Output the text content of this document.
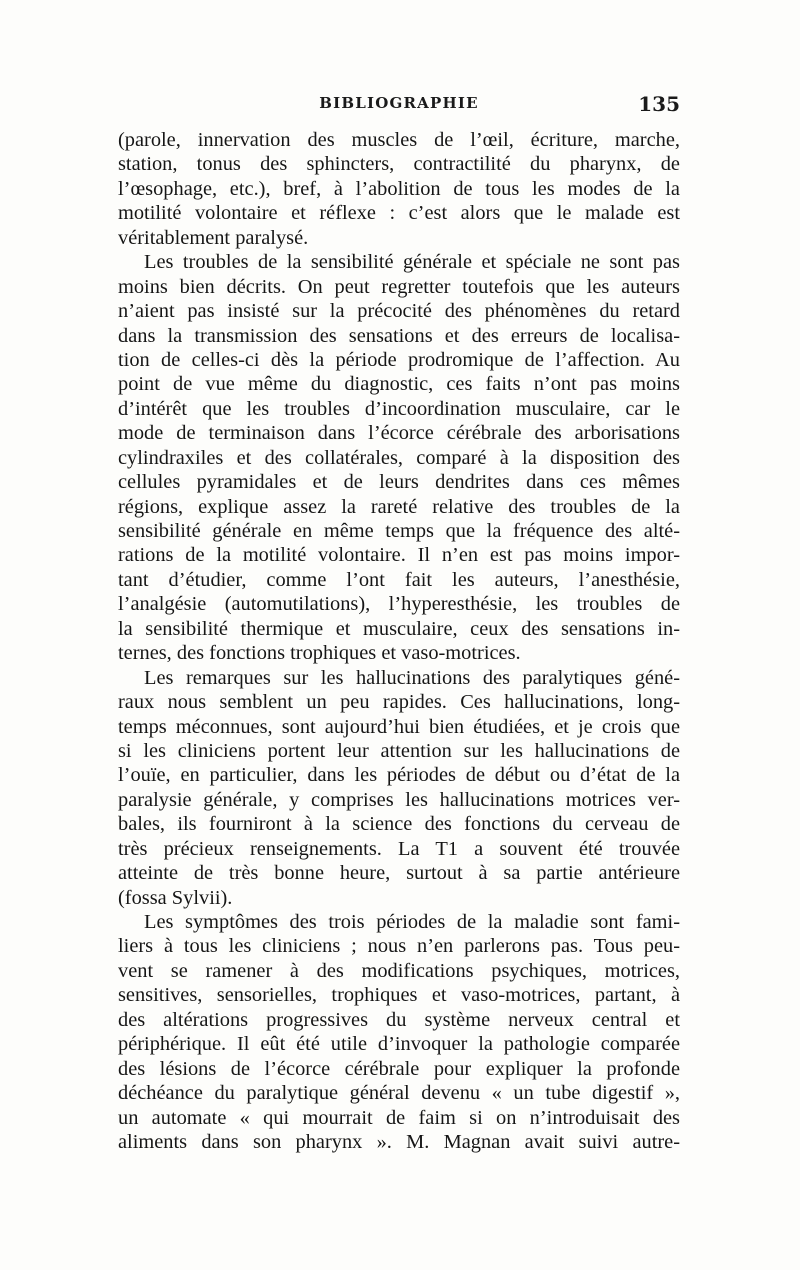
BIBLIOGRAPHIE	135
(parole, innervation des muscles de l’œil, écriture, marche,
station, tonus des sphincters, contractilité du pharynx, de
l’œsophage, etc.), bref, à l’abolition de tous les modes de la
motilité volontaire et réflexe : c’est alors que le malade est
véritablement paralysé.
Les troubles de la sensibilité générale et spéciale ne sont pas
moins bien décrits. On peut regretter toutefois que les auteurs
n’aient pas insisté sur la précocité des phénomènes du retard
dans la transmission des sensations et des erreurs de localisa-
tion de celles-ci dès la période prodromique de l’affection. Au
point de vue même du diagnostic, ces faits n’ont pas moins
d’intérêt que les troubles d’incoordination musculaire, car le
mode de terminaison dans l’écorce cérébrale des arborisations
cylindraxiles et des collatérales, comparé à la disposition des
cellules pyramidales et de leurs dendrites dans ces mêmes
régions, explique assez la rareté relative des troubles de la
sensibilité générale en même temps que la fréquence des alté-
rations de la motilité volontaire. Il n’en est pas moins impor-
tant d’étudier, comme l’ont fait les auteurs, l’anesthésie,
l’analgésie (automutilations), l’hyperesthésie, les troubles de
la sensibilité thermique et musculaire, ceux des sensations in-
ternes, des fonctions trophiques et vaso-motrices.
Les remarques sur les hallucinations des paralytiques géné-
raux nous semblent un peu rapides. Ces hallucinations, long-
temps méconnues, sont aujourd’hui bien étudiées, et je crois que
si les cliniciens portent leur attention sur les hallucinations de
l’ouïe, en particulier, dans les périodes de début ou d’état de la
paralysie générale, y comprises les hallucinations motrices ver-
bales, ils fourniront à la science des fonctions du cerveau de
très précieux renseignements. La T1 a souvent été trouvée
atteinte de très bonne heure, surtout à sa partie antérieure
(fossa Sylvii).
Les symptômes des trois périodes de la maladie sont fami-
liers à tous les cliniciens ; nous n’en parlerons pas. Tous peu-
vent se ramener à des modifications psychiques, motrices,
sensitives, sensorielles, trophiques et vaso-motrices, partant, à
des altérations progressives du système nerveux central et
périphérique. Il eût été utile d’invoquer la pathologie comparée
des lésions de l’écorce cérébrale pour expliquer la profonde
déchéance du paralytique général devenu « un tube digestif »,
un automate « qui mourrait de faim si on n’introduisait des
aliments dans son pharynx ». M. Magnan avait suivi autre-
